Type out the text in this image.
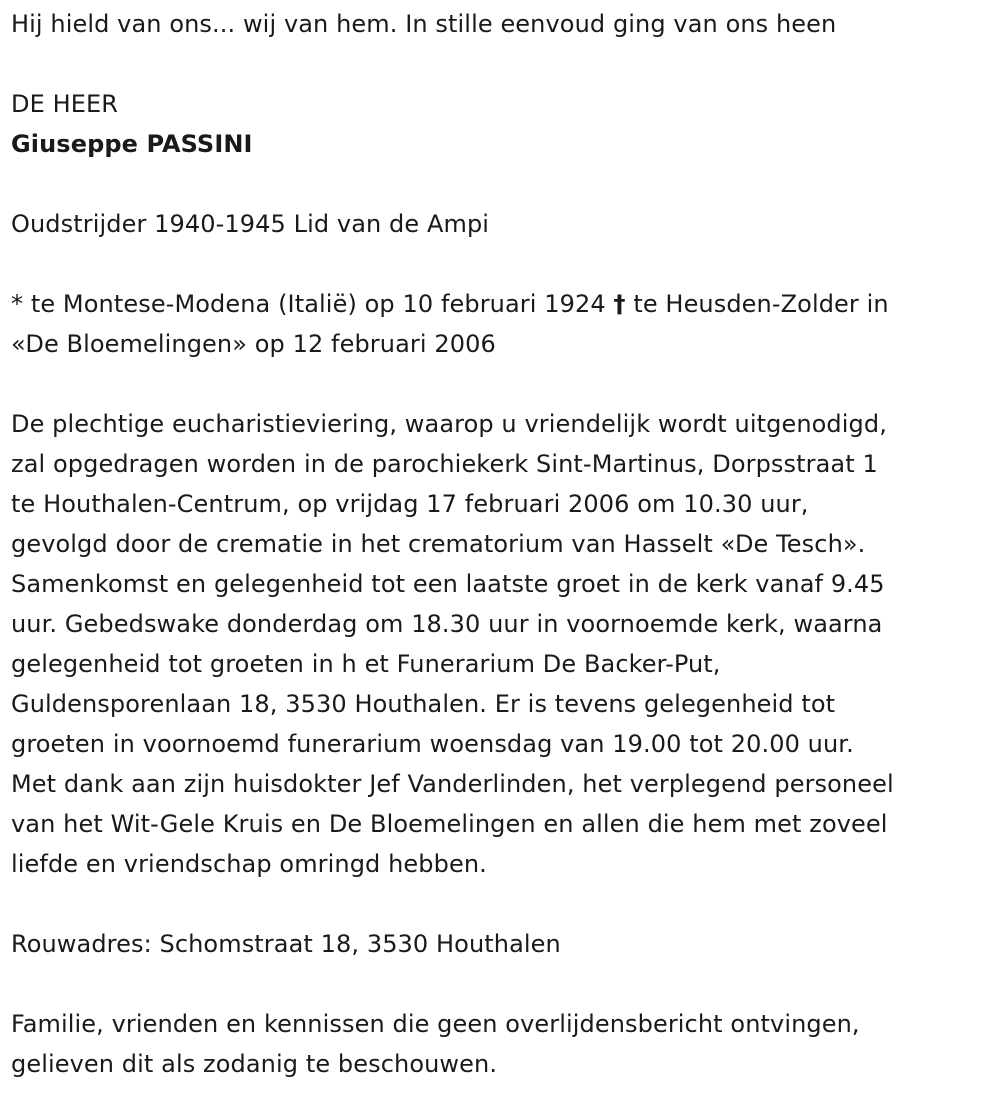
Hij hield van ons... wij van hem. In stille eenvoud ging van ons heen

DE HEER

Giuseppe PASSINI

Oudstrijder 1940-1945 Lid van de Ampi

* te Montese-Modena (Italië) op 10 februari 1924 † te Heusden-Zolder in

«De Bloemelingen» op 12 februari 2006

De plechtige eucharistieviering, waarop u vriendelijk wordt uitgenodigd,

zal opgedragen worden in de parochiekerk Sint-Martinus, Dorpsstraat 1

te Houthalen-Centrum, op vrijdag 17 februari 2006 om 10.30 uur,

gevolgd door de crematie in het crematorium van Hasselt «De Tesch».

Samenkomst en gelegenheid tot een laatste groet in de kerk vanaf 9.45

uur. Gebedswake donderdag om 18.30 uur in voornoemde kerk, waarna

gelegenheid tot groeten in h et Funerarium De Backer-Put,

Guldensporenlaan 18, 3530 Houthalen. Er is tevens gelegenheid tot

groeten in voornoemd funerarium woensdag van 19.00 tot 20.00 uur.

Met dank aan zijn huisdokter Jef Vanderlinden, het verplegend personeel

van het Wit-Gele Kruis en De Bloemelingen en allen die hem met zoveel

liefde en vriendschap omringd hebben.

Rouwadres: Schomstraat 18, 3530 Houthalen

Familie, vrienden en kennissen die geen overlijdensbericht ontvingen,

gelieven dit als zodanig te beschouwen.
